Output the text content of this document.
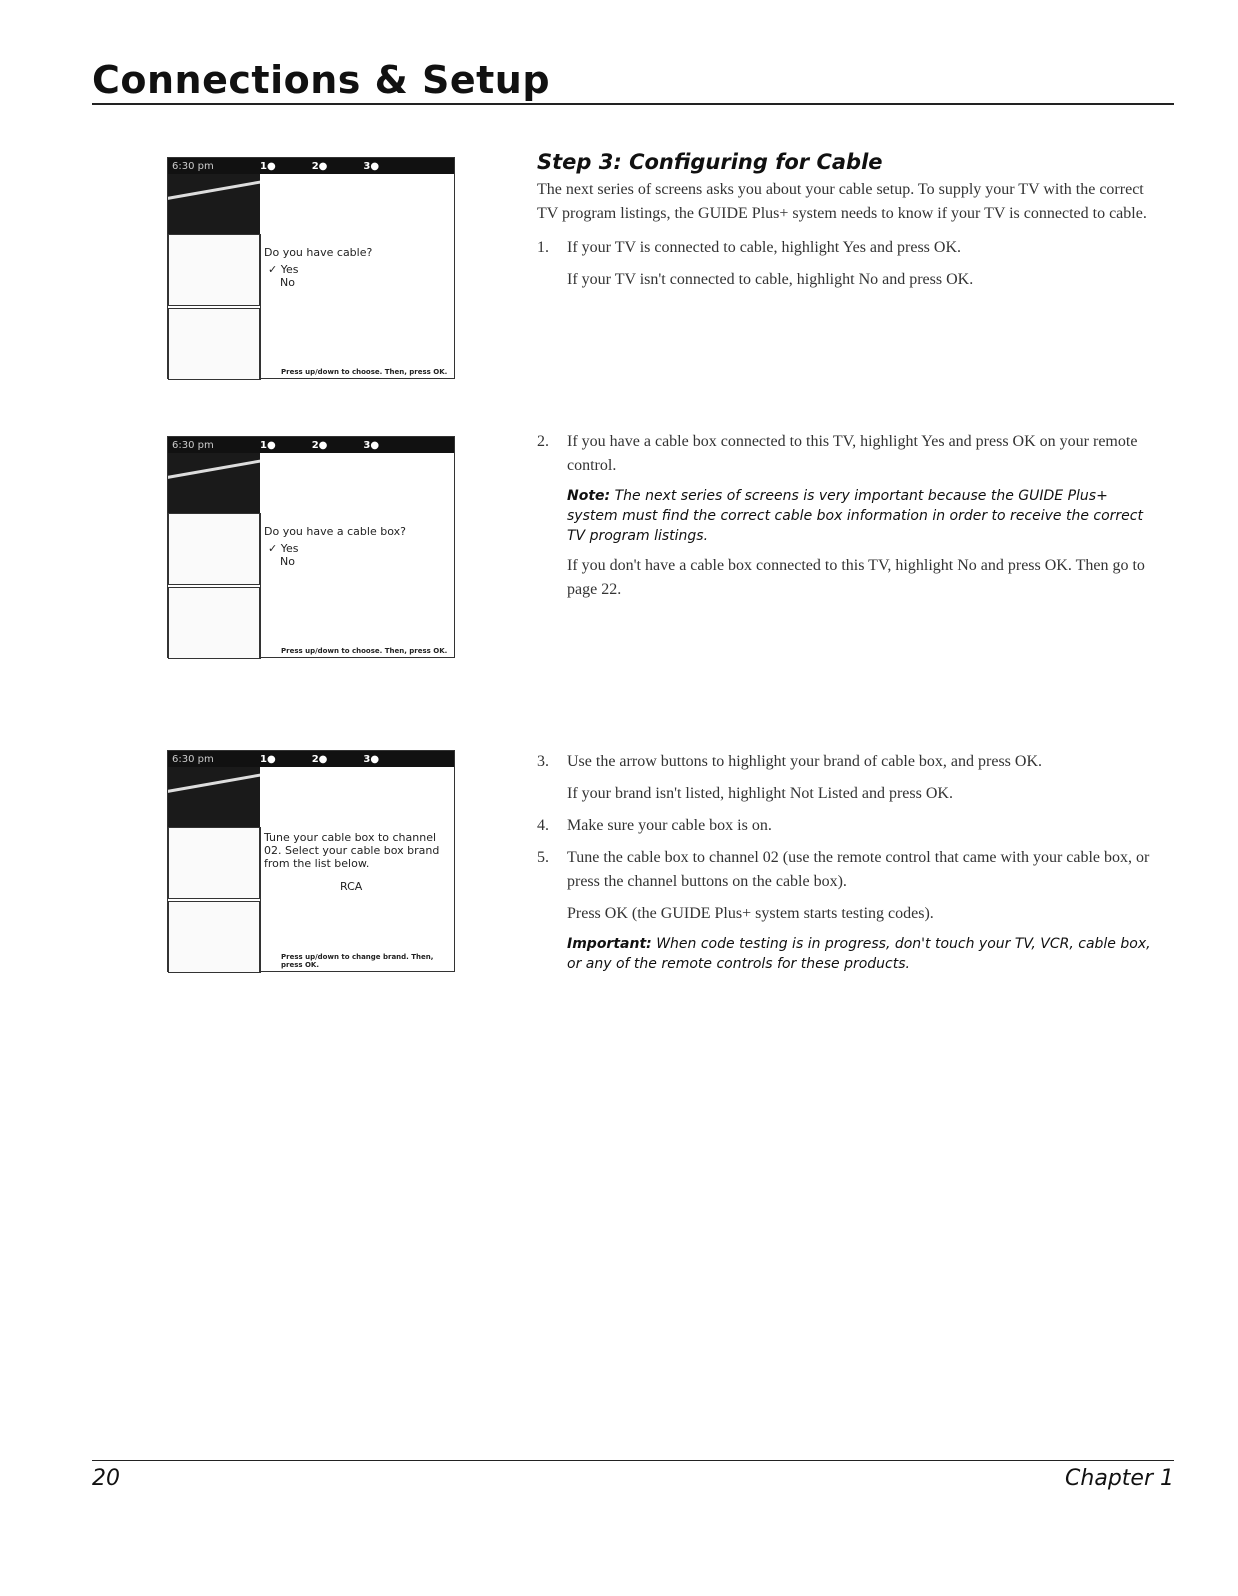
Connections & Setup
6:30 pm	1●	2●	3●
Do you have cable?
✓ Yes
No
Press up/down to choose. Then, press OK.
6:30 pm	1●	2●	3●
Do you have a cable box?
✓ Yes
No
Press up/down to choose. Then, press OK.
6:30 pm	1●	2●	3●
Tune your cable box to channel 02. Select your cable box brand from the list below.
RCA
Press up/down to change brand. Then, press OK.
Step 3: Configuring for Cable
The next series of screens asks you about your cable setup. To supply your TV with the correct TV program listings, the GUIDE Plus+ system needs to know if your TV is connected to cable.
1.	If your TV is connected to cable, highlight Yes and press OK.
If your TV isn't connected to cable, highlight No and press OK.
2.	If you have a cable box connected to this TV, highlight Yes and press OK on your remote control.
Note: The next series of screens is very important because the GUIDE Plus+ system must find the correct cable box information in order to receive the correct TV program listings.
If you don't have a cable box connected to this TV, highlight No and press OK. Then go to page 22.
3.	Use the arrow buttons to highlight your brand of cable box, and press OK.
If your brand isn't listed, highlight Not Listed and press OK.
4.	Make sure your cable box is on.
5.	Tune the cable box to channel 02 (use the remote control that came with your cable box, or press the channel buttons on the cable box).
Press OK (the GUIDE Plus+ system starts testing codes).
Important: When code testing is in progress, don't touch your TV, VCR, cable box, or any of the remote controls for these products.
20	Chapter 1
